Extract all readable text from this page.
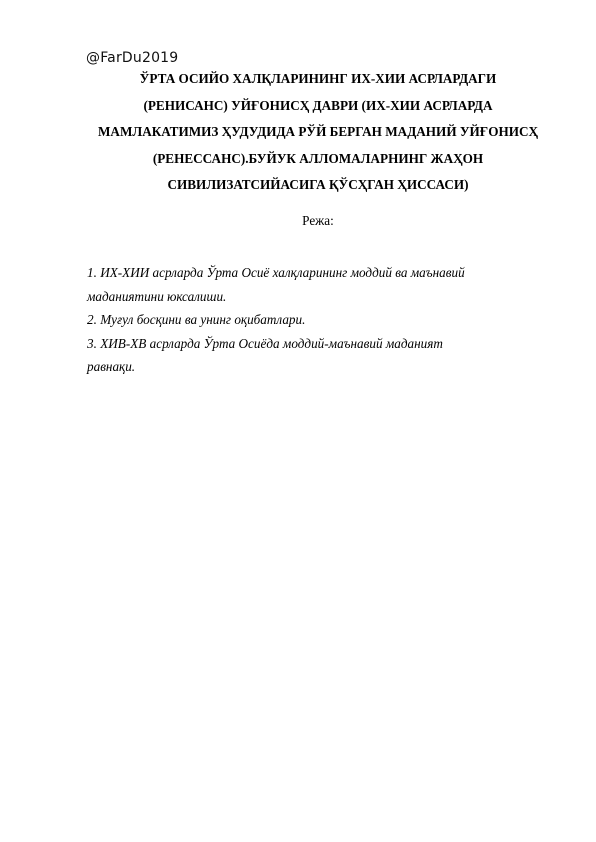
@FarDu2019
ЎРТА ОСИЙО ХАЛҚЛАРИНИНГ ИХ-ХИИ АСРЛАРДАГИ
(РЕНИСАНС) УЙҒОНИСҲ ДАВРИ (ИХ-ХИИ АСРЛАРДА
МАМЛАКАТИМИЗ ҲУДУДИДА РЎЙ БЕРГАН МАДАНИЙ УЙҒОНИСҲ
(РЕНЕССАНС).БУЙУК АЛЛОМАЛАРНИНГ ЖАҲОН
СИВИЛИЗАТСИЙАСИГА ҚЎСҲГАН ҲИССАСИ)
Режа:
1. ИХ-ХИИ асрларда Ўрта Осиё халқларининг моддий ва маънавий
маданиятини юксалиши.
2. Муғул босқини ва унинг оқибатлари.
3. ХИВ-ХВ асрларда Ўрта Осиёда моддий-маънавий маданият
равнақи.
